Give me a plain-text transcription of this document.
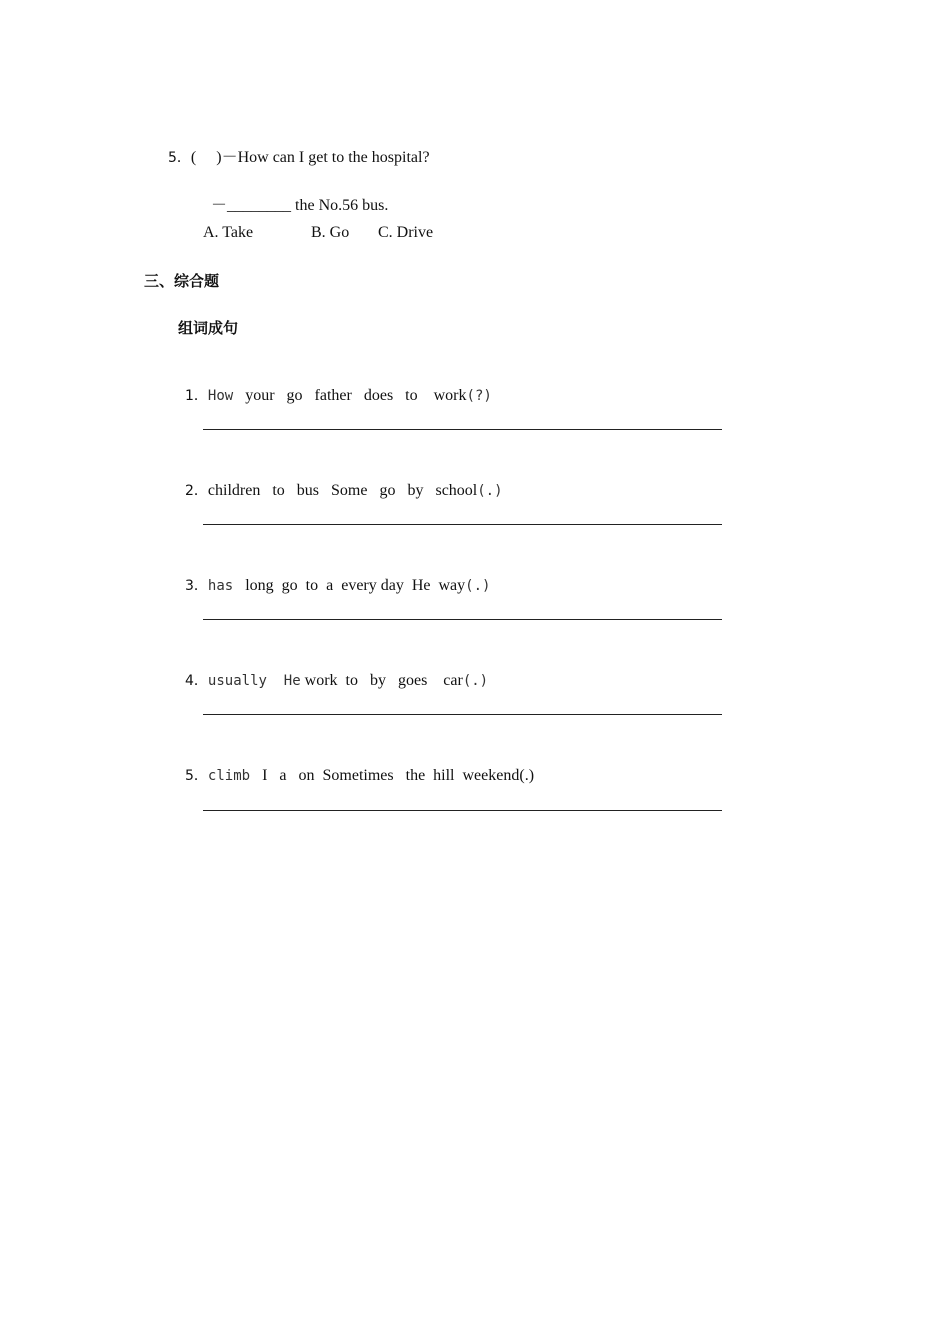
5．(　 )－How can I get to the hospital?

－________ the No.56 bus.

A. Take	B. Go C. Drive
三、综合题
组词成句

1．How your   go   father   does   to    work(?)

2．children   to   bus   Some   go   by   school(.)

3．has long  go  to  a  every day  He  way(.)

4．usually  He work  to   by   goes    car(.)

5．climb I   a   on  Sometimes   the  hill  weekend(.)
